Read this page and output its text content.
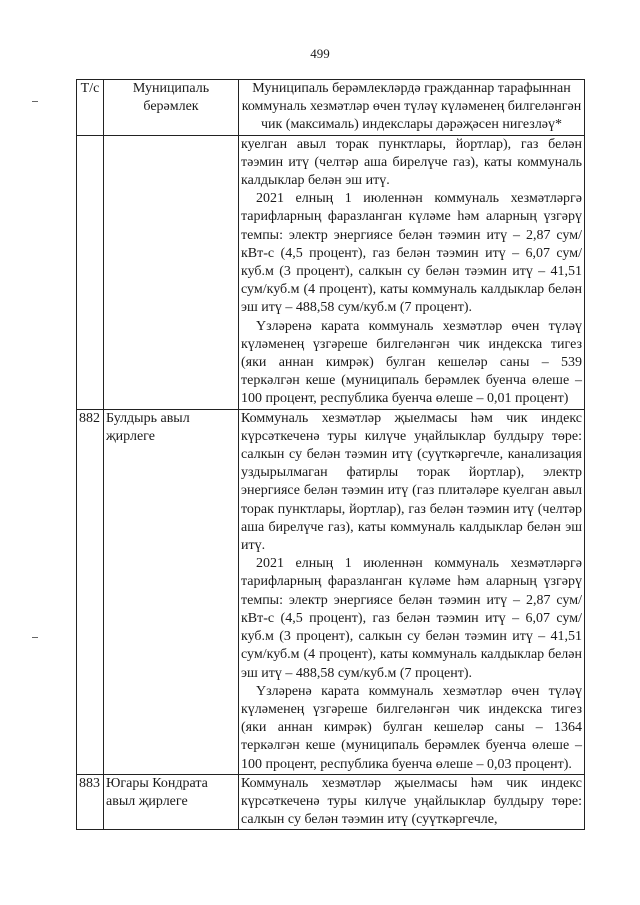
499
Т/с	Муниципаль берәмлек	Муниципаль берәмлекләрдә гражданнар тарафыннан коммуналь хезмәтләр өчен түләү күләменең билгеләнгән чик (максималь) индекслары дәрәҗәсен нигезләү*

		куелган авыл торак пунктлары, йортлар), газ белән тәэмин итү (челтәр аша бирелүче газ), каты коммуналь калдыклар белән эш итү.

2021 елның 1 июленнән коммуналь хезмәтләргә тарифларның фаразланган күләме һәм аларның үзгәрү темпы: электр энергиясе белән тәэмин итү – 2,87 сум/кВт-с (4,5 процент), газ белән тәэмин итү – 6,07 сум/куб.м (3 процент), салкын су белән тәэмин итү – 41,51 сум/куб.м (4 процент), каты коммуналь калдыклар белән эш итү – 488,58 сум/куб.м (7 процент).

Үзләренә карата коммуналь хезмәтләр өчен түләү күләменең үзгәреше билгеләнгән чик индекска тигез (яки аннан кимрәк) булган кешеләр саны – 539 теркәлгән кеше (муниципаль берәмлек буенча өлеше – 100 процент, республика буенча өлеше – 0,01 процент)

882	Булдырь авыл җирлеге	Коммуналь хезмәтләр җыелмасы һәм чик индекс күрсәткеченә туры килүче уңайлыклар булдыру төре: салкын су белән тәэмин итү (суүткәргечле, канализация уздырылмаган фатирлы торак йортлар), электр энергиясе белән тәэмин итү (газ плитәләре куелган авыл торак пунктлары, йортлар), газ белән тәэмин итү (челтәр аша бирелүче газ), каты коммуналь калдыклар белән эш итү.

2021 елның 1 июленнән коммуналь хезмәтләргә тарифларның фаразланган күләме һәм аларның үзгәрү темпы: электр энергиясе белән тәэмин итү – 2,87 сум/кВт-с (4,5 процент), газ белән тәэмин итү – 6,07 сум/куб.м (3 процент), салкын су белән тәэмин итү – 41,51 сум/куб.м (4 процент), каты коммуналь калдыклар белән эш итү – 488,58 сум/куб.м (7 процент).

Үзләренә карата коммуналь хезмәтләр өчен түләү күләменең үзгәреше билгеләнгән чик индекска тигез (яки аннан кимрәк) булган кешеләр саны – 1364 теркәлгән кеше (муниципаль берәмлек буенча өлеше – 100 процент, республика буенча өлеше – 0,03 процент).

883	Югары Кондрата авыл җирлеге	Коммуналь хезмәтләр җыелмасы һәм чик индекс күрсәткеченә туры килүче уңайлыклар булдыру төре: салкын су белән тәэмин итү (суүткәргечле,
